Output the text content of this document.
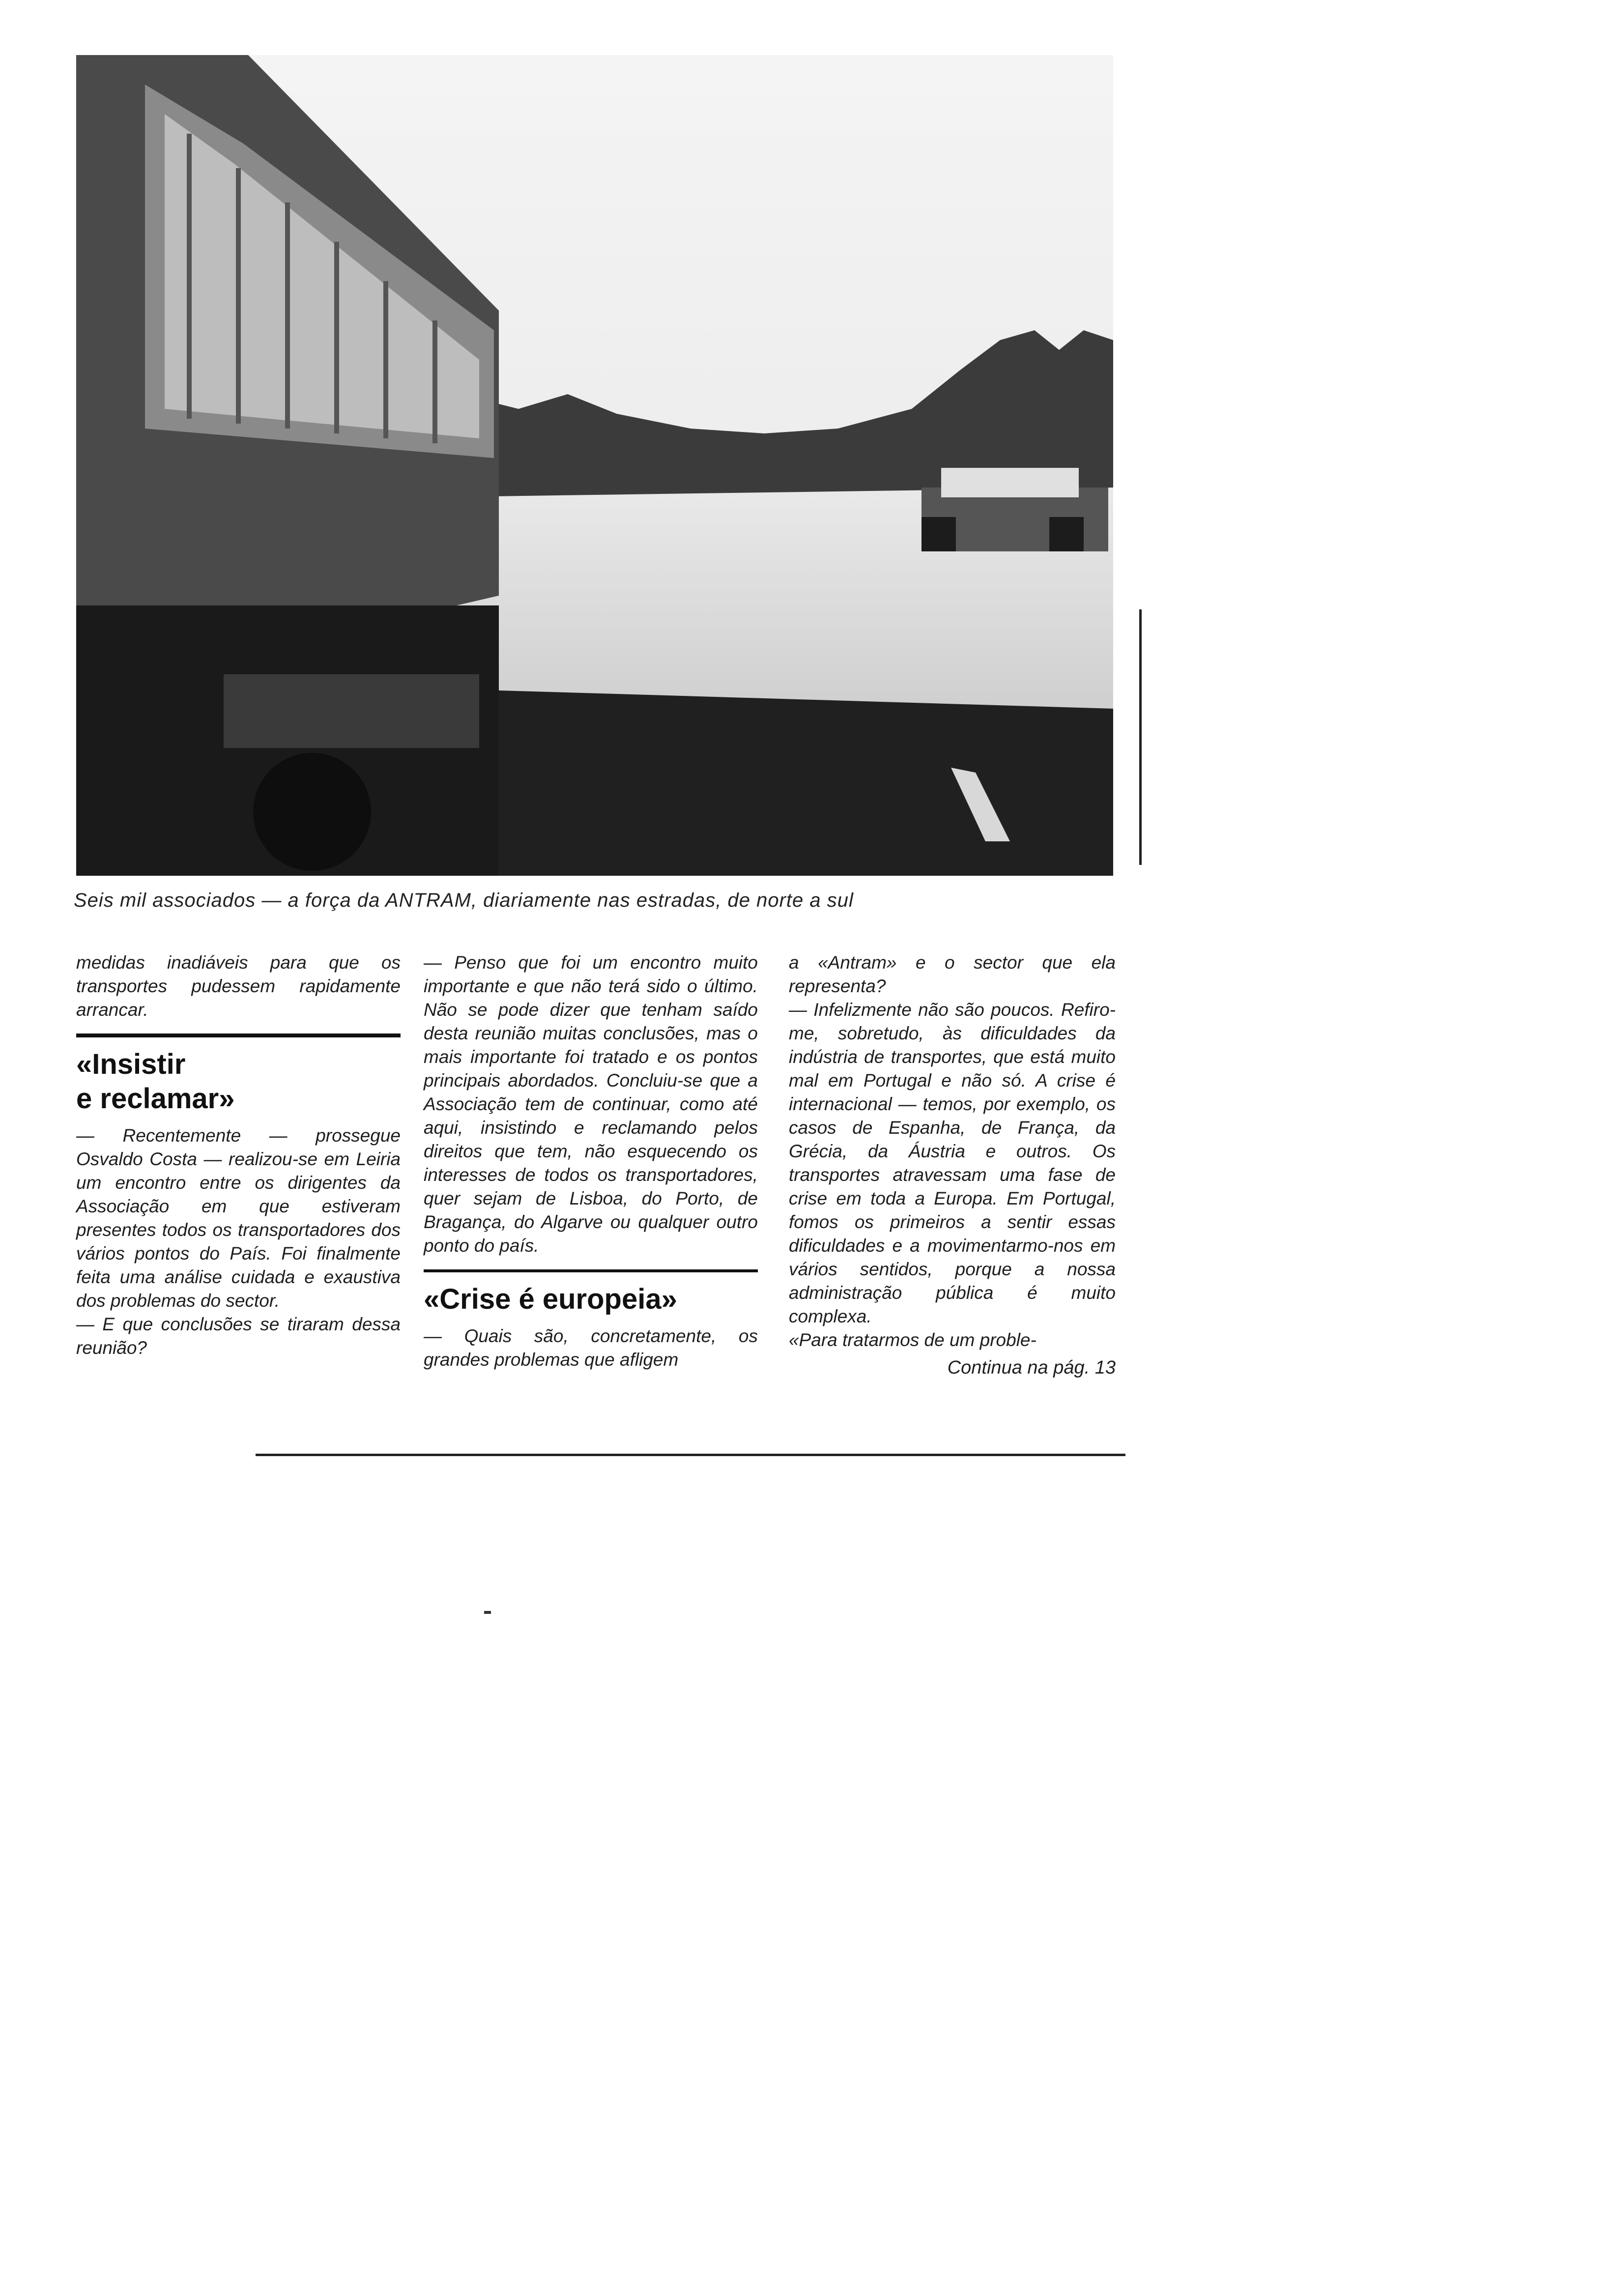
Seis mil associados — a força da ANTRAM, diariamente nas estradas, de norte a sul

medidas inadiáveis para que os transportes pudessem rapidamente arrancar.

«Insistir
e reclamar»

— Recentemente — prossegue Osvaldo Costa — realizou-se em Leiria um encontro entre os dirigentes da Associação em que estiveram presentes todos os transportadores dos vários pontos do País. Foi finalmente feita uma análise cuidada e exaustiva dos problemas do sector.

— E que conclusões se tiraram dessa reunião?

— Penso que foi um encontro muito importante e que não terá sido o último. Não se pode dizer que tenham saído desta reunião muitas conclusões, mas o mais importante foi tratado e os pontos principais abordados. Concluiu-se que a Associação tem de continuar, como até aqui, insistindo e reclamando pelos direitos que tem, não esquecendo os interesses de todos os transportadores, quer sejam de Lisboa, do Porto, de Bragança, do Algarve ou qualquer outro ponto do país.

«Crise é europeia»

— Quais são, concretamente, os grandes problemas que afligem

a «Antram» e o sector que ela representa?

— Infelizmente não são poucos. Refiro-me, sobretudo, às dificuldades da indústria de transportes, que está muito mal em Portugal e não só. A crise é internacional — temos, por exemplo, os casos de Espanha, de França, da Grécia, da Áustria e outros. Os transportes atravessam uma fase de crise em toda a Europa. Em Portugal, fomos os primeiros a sentir essas dificuldades e a movimentarmo-nos em vários sentidos, porque a nossa administração pública é muito complexa.

«Para tratarmos de um proble-

Continua na pág. 13
